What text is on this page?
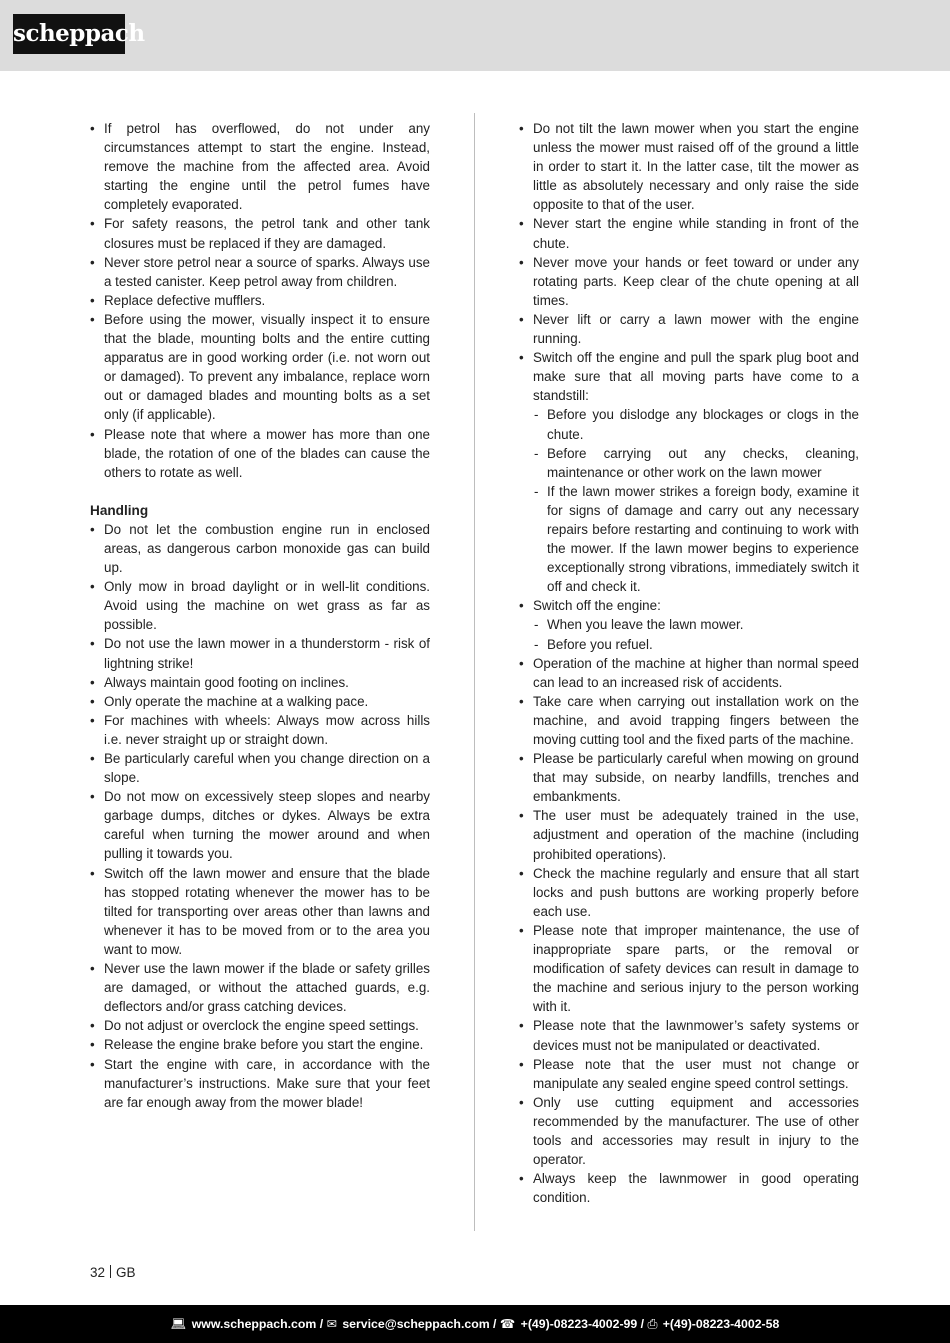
scheppach
• If petrol has overflowed, do not under any circumstances attempt to start the engine. Instead, remove the machine from the affected area. Avoid starting the engine until the petrol fumes have completely evaporated.
• For safety reasons, the petrol tank and other tank closures must be replaced if they are damaged.
• Never store petrol near a source of sparks. Always use a tested canister. Keep petrol away from children.
• Replace defective mufflers.
• Before using the mower, visually inspect it to ensure that the blade, mounting bolts and the entire cutting apparatus are in good working order (i.e. not worn out or damaged). To prevent any imbalance, replace worn out or damaged blades and mounting bolts as a set only (if applicable).
• Please note that where a mower has more than one blade, the rotation of one of the blades can cause the others to rotate as well.
Handling
• Do not let the combustion engine run in enclosed areas, as dangerous carbon monoxide gas can build up.
• Only mow in broad daylight or in well-lit conditions. Avoid using the machine on wet grass as far as possible.
• Do not use the lawn mower in a thunderstorm - risk of lightning strike!
• Always maintain good footing on inclines.
• Only operate the machine at a walking pace.
• For machines with wheels: Always mow across hills i.e. never straight up or straight down.
• Be particularly careful when you change direction on a slope.
• Do not mow on excessively steep slopes and nearby garbage dumps, ditches or dykes. Always be extra careful when turning the mower around and when pulling it towards you.
• Switch off the lawn mower and ensure that the blade has stopped rotating whenever the mower has to be tilted for transporting over areas other than lawns and whenever it has to be moved from or to the area you want to mow.
• Never use the lawn mower if the blade or safety grilles are damaged, or without the attached guards, e.g. deflectors and/or grass catching devices.
• Do not adjust or overclock the engine speed settings.
• Release the engine brake before you start the engine.
• Start the engine with care, in accordance with the manufacturer’s instructions. Make sure that your feet are far enough away from the mower blade!
• Do not tilt the lawn mower when you start the engine unless the mower must raised off of the ground a little in order to start it. In the latter case, tilt the mower as little as absolutely necessary and only raise the side opposite to that of the user.
• Never start the engine while standing in front of the chute.
• Never move your hands or feet toward or under any rotating parts. Keep clear of the chute opening at all times.
• Never lift or carry a lawn mower with the engine running.
• Switch off the engine and pull the spark plug boot and make sure that all moving parts have come to a standstill:
- Before you dislodge any blockages or clogs in the chute.
- Before carrying out any checks, cleaning, maintenance or other work on the lawn mower
- If the lawn mower strikes a foreign body, examine it for signs of damage and carry out any necessary repairs before restarting and continuing to work with the mower. If the lawn mower begins to experience exceptionally strong vibrations, immediately switch it off and check it.
• Switch off the engine:
- When you leave the lawn mower.
- Before you refuel.
• Operation of the machine at higher than normal speed can lead to an increased risk of accidents.
• Take care when carrying out installation work on the machine, and avoid trapping fingers between the moving cutting tool and the fixed parts of the machine.
• Please be particularly careful when mowing on ground that may subside, on nearby landfills, trenches and embankments.
• The user must be adequately trained in the use, adjustment and operation of the machine (including prohibited operations).
• Check the machine regularly and ensure that all start locks and push buttons are working properly before each use.
• Please note that improper maintenance, the use of inappropriate spare parts, or the removal or modification of safety devices can result in damage to the machine and serious injury to the person working with it.
• Please note that the lawnmower’s safety systems or devices must not be manipulated or deactivated.
• Please note that the user must not change or manipulate any sealed engine speed control settings.
• Only use cutting equipment and accessories recommended by the manufacturer. The use of other tools and accessories may result in injury to the operator.
• Always keep the lawnmower in good operating condition.
32 GB
💻︎ www.scheppach.com / ✉︎ service@scheppach.com / ☎︎ +(49)-08223-4002-99 / ⎙ +(49)-08223-4002-58
